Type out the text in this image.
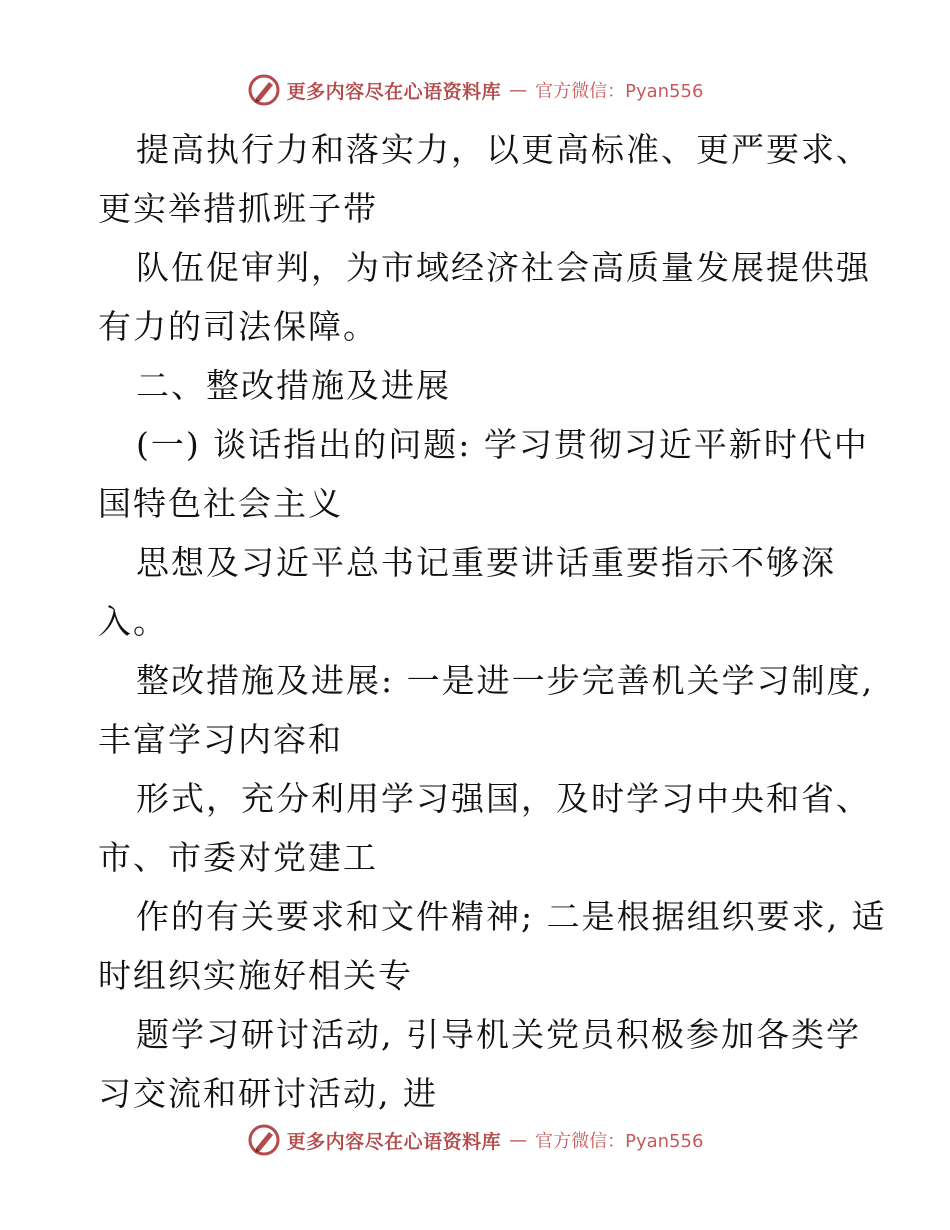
更多内容尽在心语资料库 — 官方微信：Pyan556
提高执行力和落实力，以更高标准、更严要求、
更实举措抓班子带
队伍促审判，为市域经济社会高质量发展提供强
有力的司法保障。
二、整改措施及进展
(一) 谈话指出的问题: 学习贯彻习近平新时代中
国特色社会主义
思想及习近平总书记重要讲话重要指示不够深
入。
整改措施及进展: 一是进一步完善机关学习制度,
丰富学习内容和
形式，充分利用学习强国，及时学习中央和省、
市、市委对党建工
作的有关要求和文件精神; 二是根据组织要求, 适
时组织实施好相关专
题学习研讨活动, 引导机关党员积极参加各类学
习交流和研讨活动, 进
更多内容尽在心语资料库 — 官方微信：Pyan556
